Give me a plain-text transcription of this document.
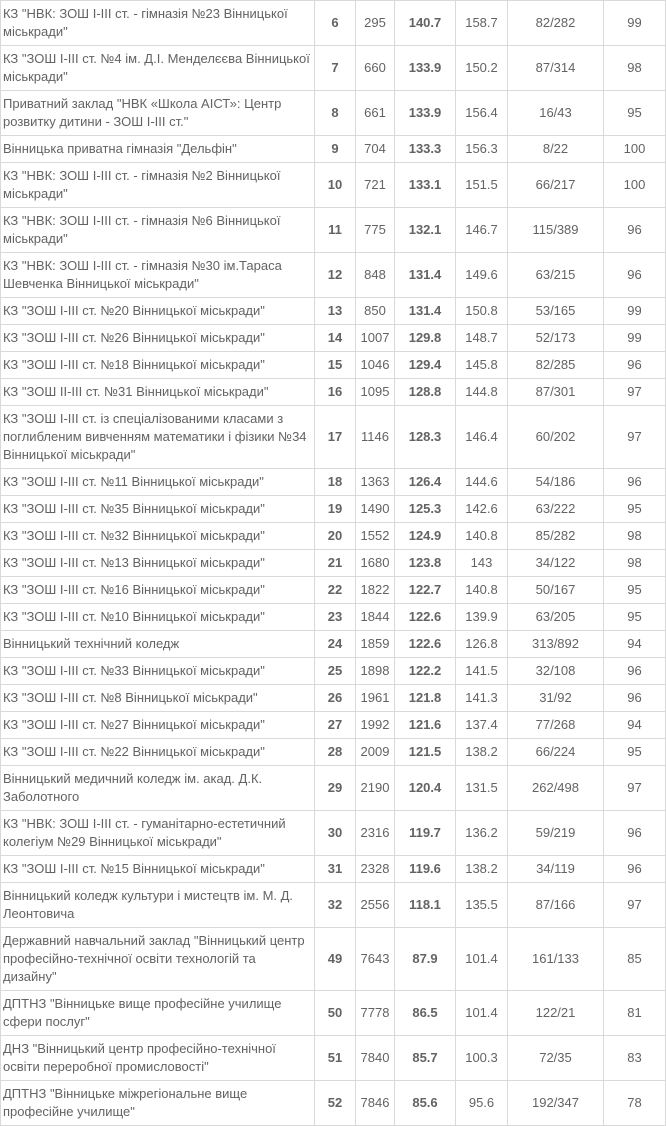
КЗ "НВК: ЗОШ І-ІІІ ст. - гімназія №23 Вінницької міськради"	6	295	140.7	158.7	82/282	99
КЗ "ЗОШ І-ІІІ ст. №4 ім. Д.І. Менделєєва Вінницької міськради"	7	660	133.9	150.2	87/314	98
Приватний заклад "НВК «Школа АІСТ»: Центр розвитку дитини - ЗОШ І-ІІІ ст."	8	661	133.9	156.4	16/43	95
Вінницька приватна гімназія "Дельфін"	9	704	133.3	156.3	8/22	100
КЗ "НВК: ЗОШ І-ІІІ ст. - гімназія №2 Вінницької міськради"	10	721	133.1	151.5	66/217	100
КЗ "НВК: ЗОШ І-ІІІ ст. - гімназія №6 Вінницької міськради"	11	775	132.1	146.7	115/389	96
КЗ "НВК: ЗОШ І-ІІІ ст. - гімназія №30 ім.Тараса Шевченка Вінницької міськради"	12	848	131.4	149.6	63/215	96
КЗ "ЗОШ І-ІІІ ст. №20 Вінницької міськради"	13	850	131.4	150.8	53/165	99
КЗ "ЗОШ І-ІІІ ст. №26 Вінницької міськради"	14	1007	129.8	148.7	52/173	99
КЗ "ЗОШ І-ІІІ ст. №18 Вінницької міськради"	15	1046	129.4	145.8	82/285	96
КЗ "ЗОШ ІІ-ІІІ ст. №31 Вінницької міськради"	16	1095	128.8	144.8	87/301	97
КЗ "ЗОШ І-ІІІ ст. із спеціалізованими класами з поглибленим вивченням математики і фізики №34 Вінницької міськради"	17	1146	128.3	146.4	60/202	97
КЗ "ЗОШ І-ІІІ ст. №11 Вінницької міськради"	18	1363	126.4	144.6	54/186	96
КЗ "ЗОШ І-ІІІ ст. №35 Вінницької міськради"	19	1490	125.3	142.6	63/222	95
КЗ "ЗОШ І-ІІІ ст. №32 Вінницької міськради"	20	1552	124.9	140.8	85/282	98
КЗ "ЗОШ І-ІІІ ст. №13 Вінницької міськради"	21	1680	123.8	143	34/122	98
КЗ "ЗОШ І-ІІІ ст. №16 Вінницької міськради"	22	1822	122.7	140.8	50/167	95
КЗ "ЗОШ І-ІІІ ст. №10 Вінницької міськради"	23	1844	122.6	139.9	63/205	95
Вінницький технічний коледж	24	1859	122.6	126.8	313/892	94
КЗ "ЗОШ І-ІІІ ст. №33 Вінницької міськради"	25	1898	122.2	141.5	32/108	96
КЗ "ЗОШ І-ІІІ ст. №8 Вінницької міськради"	26	1961	121.8	141.3	31/92	96
КЗ "ЗОШ І-ІІІ ст. №27 Вінницької міськради"	27	1992	121.6	137.4	77/268	94
КЗ "ЗОШ І-ІІІ ст. №22 Вінницької міськради"	28	2009	121.5	138.2	66/224	95
Вінницький медичний коледж ім. акад. Д.К. Заболотного	29	2190	120.4	131.5	262/498	97
КЗ "НВК: ЗОШ І-ІІІ ст. - гуманітарно-естетичний колегіум №29 Вінницької міськради"	30	2316	119.7	136.2	59/219	96
КЗ "ЗОШ І-ІІІ ст. №15 Вінницької міськради"	31	2328	119.6	138.2	34/119	96
Вінницький коледж культури і мистецтв ім. М. Д. Леонтовича	32	2556	118.1	135.5	87/166	97
Державний навчальний заклад "Вінницький центр професійно-технічної освіти технологій та дизайну"	49	7643	87.9	101.4	161/133	85
ДПТНЗ "Вінницьке вище професійне училище сфери послуг"	50	7778	86.5	101.4	122/21	81
ДНЗ "Вінницький центр професійно-технічної освіти переробної промисловості"	51	7840	85.7	100.3	72/35	83
ДПТНЗ "Вінницьке міжрегіональне вище професійне училище"	52	7846	85.6	95.6	192/347	78
